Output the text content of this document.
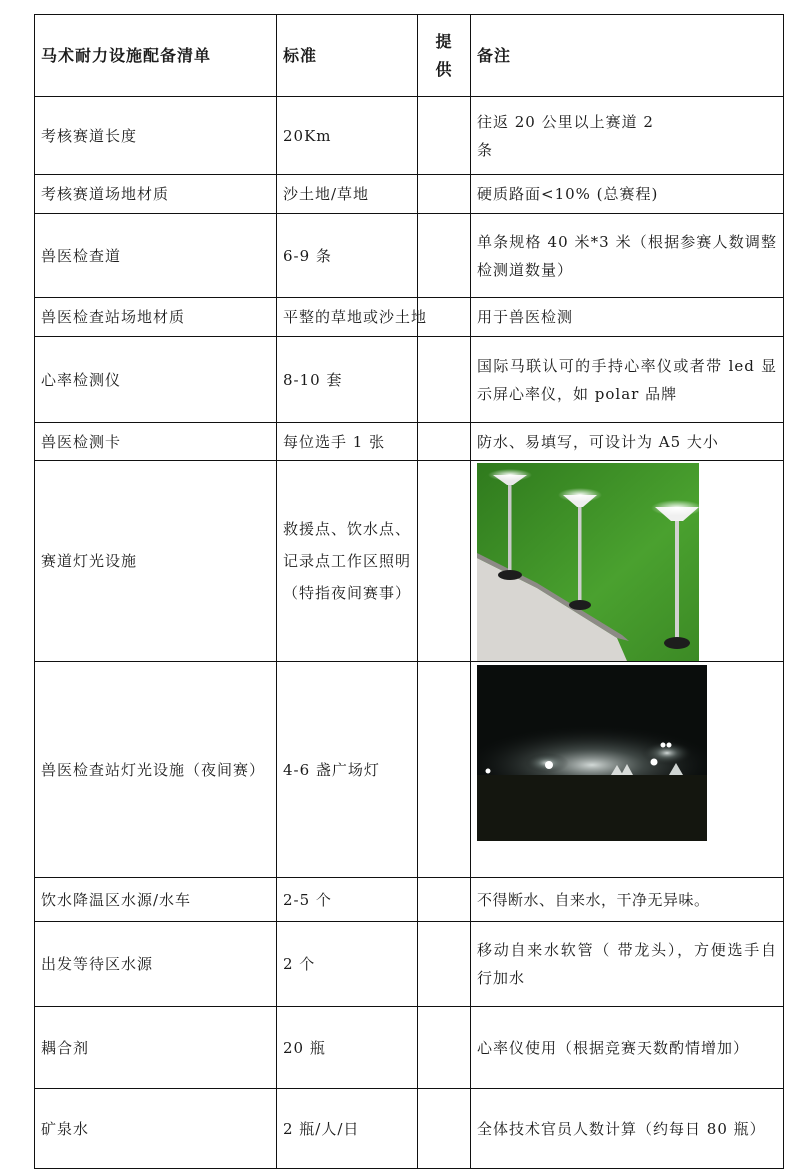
马术耐力设施配备清单	标准	提供	备注
考核赛道长度	20Km		往返 20 公里以上赛道 2 条
考核赛道场地材质	沙土地/草地		硬质路面<10% (总赛程)
兽医检查道	6-9 条		单条规格 40 米*3 米（根据参赛人数调整检测道数量）
兽医检查站场地材质	平整的草地或沙土地		用于兽医检测
心率检测仪	8-10 套		国际马联认可的手持心率仪或者带 led 显示屏心率仪，如 polar 品牌
兽医检测卡	每位选手 1 张		防水、易填写，可设计为 A5 大小
赛道灯光设施	救援点、饮水点、记录点工作区照明（特指夜间赛事）		

兽医检查站灯光设施（夜间赛）	4-6 盏广场灯		

饮水降温区水源/水车	2-5 个		不得断水、自来水，干净无异味。
出发等待区水源	2 个		移动自来水软管（ 带龙头），方便选手自行加水
耦合剂	20 瓶		心率仪使用（根据竞赛天数酌情增加）
矿泉水	2 瓶/人/日		全体技术官员人数计算（约每日 80 瓶）
